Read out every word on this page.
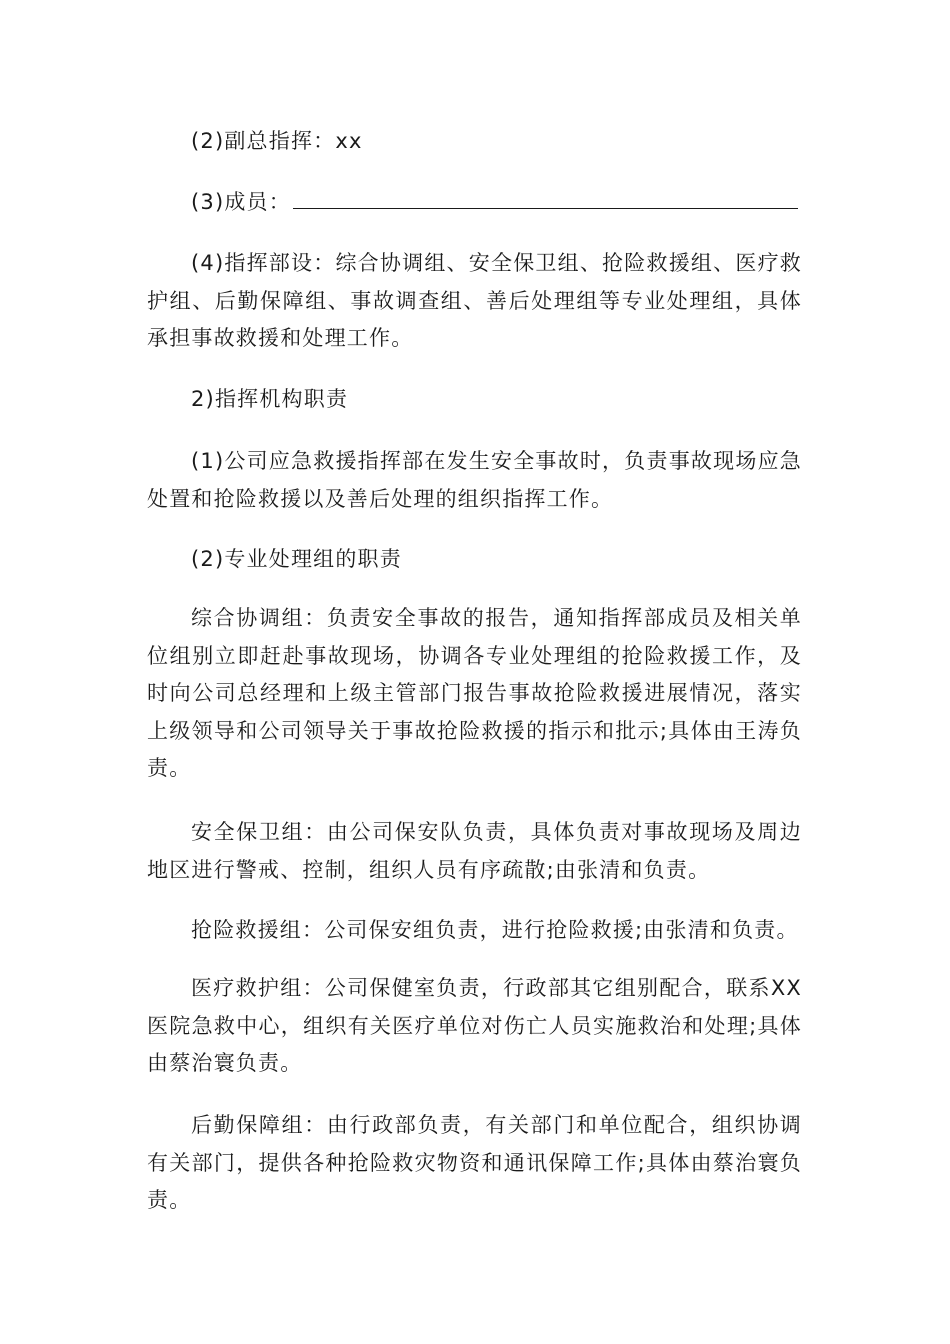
(2)副总指挥：xx

(3)成员：

(4)指挥部设：综合协调组、安全保卫组、抢险救援组、医疗救护组、后勤保障组、事故调查组、善后处理组等专业处理组，具体承担事故救援和处理工作。

2)指挥机构职责

(1)公司应急救援指挥部在发生安全事故时，负责事故现场应急处置和抢险救援以及善后处理的组织指挥工作。

(2)专业处理组的职责

综合协调组：负责安全事故的报告，通知指挥部成员及相关单位组别立即赶赴事故现场，协调各专业处理组的抢险救援工作，及时向公司总经理和上级主管部门报告事故抢险救援进展情况，落实上级领导和公司领导关于事故抢险救援的指示和批示;具体由王涛负责。

安全保卫组：由公司保安队负责，具体负责对事故现场及周边地区进行警戒、控制，组织人员有序疏散;由张清和负责。

抢险救援组：公司保安组负责，进行抢险救援;由张清和负责。

医疗救护组：公司保健室负责，行政部其它组别配合，联系XX医院急救中心，组织有关医疗单位对伤亡人员实施救治和处理;具体由蔡治寰负责。

后勤保障组：由行政部负责，有关部门和单位配合，组织协调有关部门，提供各种抢险救灾物资和通讯保障工作;具体由蔡治寰负责。
